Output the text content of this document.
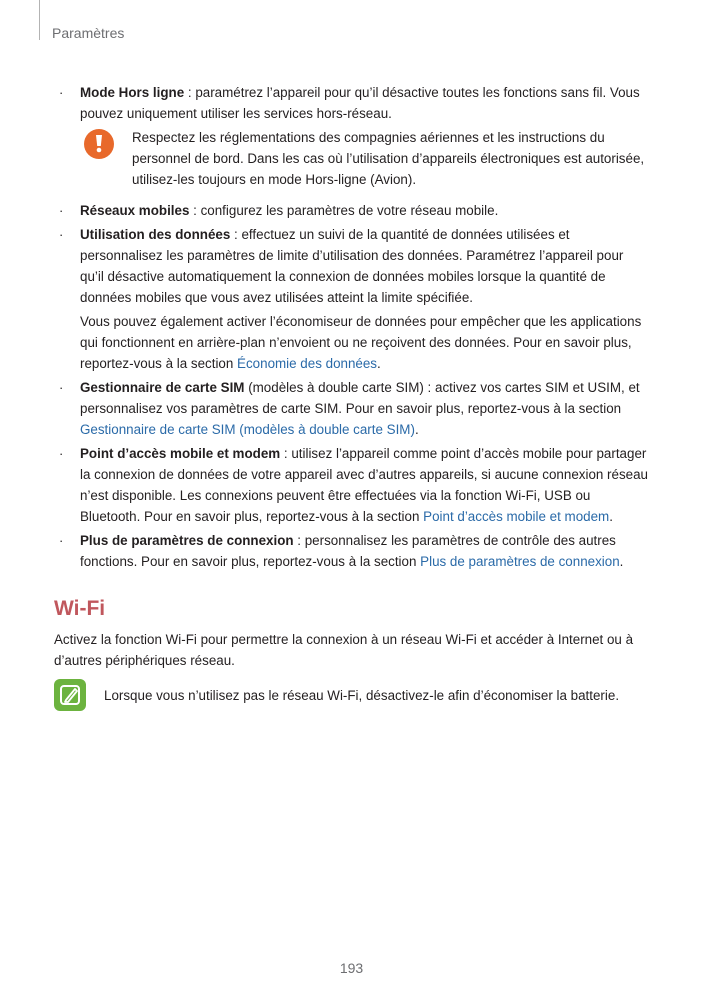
Paramètres
· Mode Hors ligne : paramétrez l’appareil pour qu’il désactive toutes les fonctions sans fil. Vous pouvez uniquement utiliser les services hors-réseau.

Respectez les réglementations des compagnies aériennes et les instructions du personnel de bord. Dans les cas où l’utilisation d’appareils électroniques est autorisée, utilisez-les toujours en mode Hors-ligne (Avion).

· Réseaux mobiles : configurez les paramètres de votre réseau mobile.

· Utilisation des données : effectuez un suivi de la quantité de données utilisées et personnalisez les paramètres de limite d’utilisation des données. Paramétrez l’appareil pour qu’il désactive automatiquement la connexion de données mobiles lorsque la quantité de données mobiles que vous avez utilisées atteint la limite spécifiée.

Vous pouvez également activer l’économiseur de données pour empêcher que les applications qui fonctionnent en arrière-plan n’envoient ou ne reçoivent des données. Pour en savoir plus, reportez-vous à la section Économie des données.

· Gestionnaire de carte SIM (modèles à double carte SIM) : activez vos cartes SIM et USIM, et personnalisez vos paramètres de carte SIM. Pour en savoir plus, reportez-vous à la section Gestionnaire de carte SIM (modèles à double carte SIM).

· Point d’accès mobile et modem : utilisez l’appareil comme point d’accès mobile pour partager la connexion de données de votre appareil avec d’autres appareils, si aucune connexion réseau n’est disponible. Les connexions peuvent être effectuées via la fonction Wi-Fi, USB ou Bluetooth. Pour en savoir plus, reportez-vous à la section Point d’accès mobile et modem.

· Plus de paramètres de connexion : personnalisez les paramètres de contrôle des autres fonctions. Pour en savoir plus, reportez-vous à la section Plus de paramètres de connexion.

Wi-Fi

Activez la fonction Wi-Fi pour permettre la connexion à un réseau Wi-Fi et accéder à Internet ou à d’autres périphériques réseau.

Lorsque vous n’utilisez pas le réseau Wi-Fi, désactivez-le afin d’économiser la batterie.

193
